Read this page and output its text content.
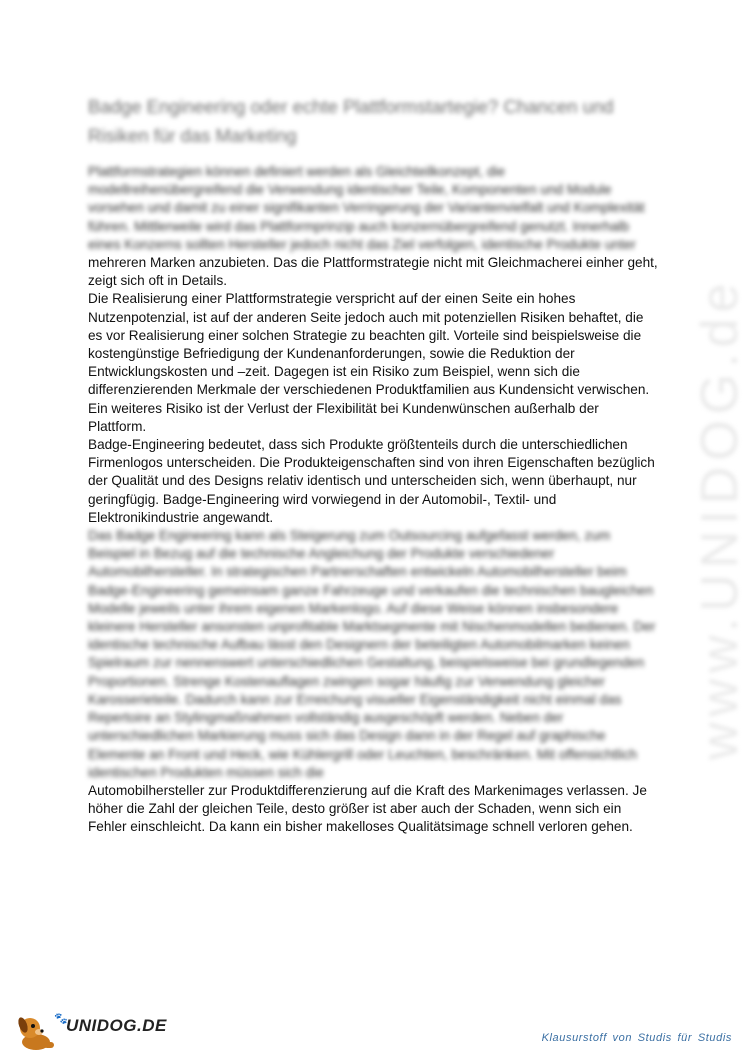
Badge Engineering oder echte Plattformstartegie? Chancen und Risiken für das Marketing

Plattformstrategien können definiert werden als Gleichteilkonzept, die modellreihenübergreifend die Verwendung identischer Teile, Komponenten und Module vorsehen und damit zu einer signifikanten Verringerung der Variantenvielfalt und Komplexität führen. Mittlerweile wird das Plattformprinzip auch konzernübergreifend genutzt. Innerhalb eines Konzerns sollten Hersteller jedoch nicht das Ziel verfolgen, identische Produkte unter

mehreren Marken anzubieten. Das die Plattformstrategie nicht mit Gleichmacherei einher geht, zeigt sich oft in Details.

Die Realisierung einer Plattformstrategie verspricht auf der einen Seite ein hohes Nutzenpotenzial, ist auf der anderen Seite jedoch auch mit potenziellen Risiken behaftet, die es vor Realisierung einer solchen Strategie zu beachten gilt. Vorteile sind beispielsweise die kostengünstige Befriedigung der Kundenanforderungen, sowie die Reduktion der Entwicklungskosten und –zeit. Dagegen ist ein Risiko zum Beispiel, wenn sich die differenzierenden Merkmale der verschiedenen Produktfamilien aus Kundensicht verwischen. Ein weiteres Risiko ist der Verlust der Flexibilität bei Kundenwünschen außerhalb der Plattform.

Badge-Engineering bedeutet, dass sich Produkte größtenteils durch die unterschiedlichen Firmenlogos unterscheiden. Die Produkteigenschaften sind von ihren Eigenschaften bezüglich der Qualität und des Designs relativ identisch und unterscheiden sich, wenn überhaupt, nur geringfügig. Badge-Engineering wird vorwiegend in der Automobil-, Textil- und Elektronikindustrie angewandt.

Das Badge Engineering kann als Steigerung zum Outsourcing aufgefasst werden, zum Beispiel in Bezug auf die technische Angleichung der Produkte verschiedener Automobilhersteller. In strategischen Partnerschaften entwickeln Automobilhersteller beim Badge-Engineering gemeinsam ganze Fahrzeuge und verkaufen die technischen baugleichen Modelle jeweils unter ihrem eigenen Markenlogo. Auf diese Weise können insbesondere kleinere Hersteller ansonsten unprofitable Marktsegmente mit Nischenmodellen bedienen. Der identische technische Aufbau lässt den Designern der beteiligten Automobilmarken keinen Spielraum zur nennenswert unterschiedlichen Gestaltung, beispielsweise bei grundlegenden Proportionen. Strenge Kostenauflagen zwingen sogar häufig zur Verwendung gleicher Karosserieteile. Dadurch kann zur Erreichung visueller Eigenständigkeit nicht einmal das Repertoire an Stylingmaßnahmen vollständig ausgeschöpft werden. Neben der unterschiedlichen Markierung muss sich das Design dann in der Regel auf graphische Elemente an Front und Heck, wie Kühlergrill oder Leuchten, beschränken. Mit offensichtlich identischen Produkten müssen sich die

Automobilhersteller zur Produktdifferenzierung auf die Kraft des Markenimages verlassen. Je höher die Zahl der gleichen Teile, desto größer ist aber auch der Schaden, wenn sich ein Fehler einschleicht. Da kann ein bisher makelloses Qualitätsimage schnell verloren gehen.

www.UNIDOG.de
🐾
UNIDOG.DE
Klausurstoff von Studis für Studis
